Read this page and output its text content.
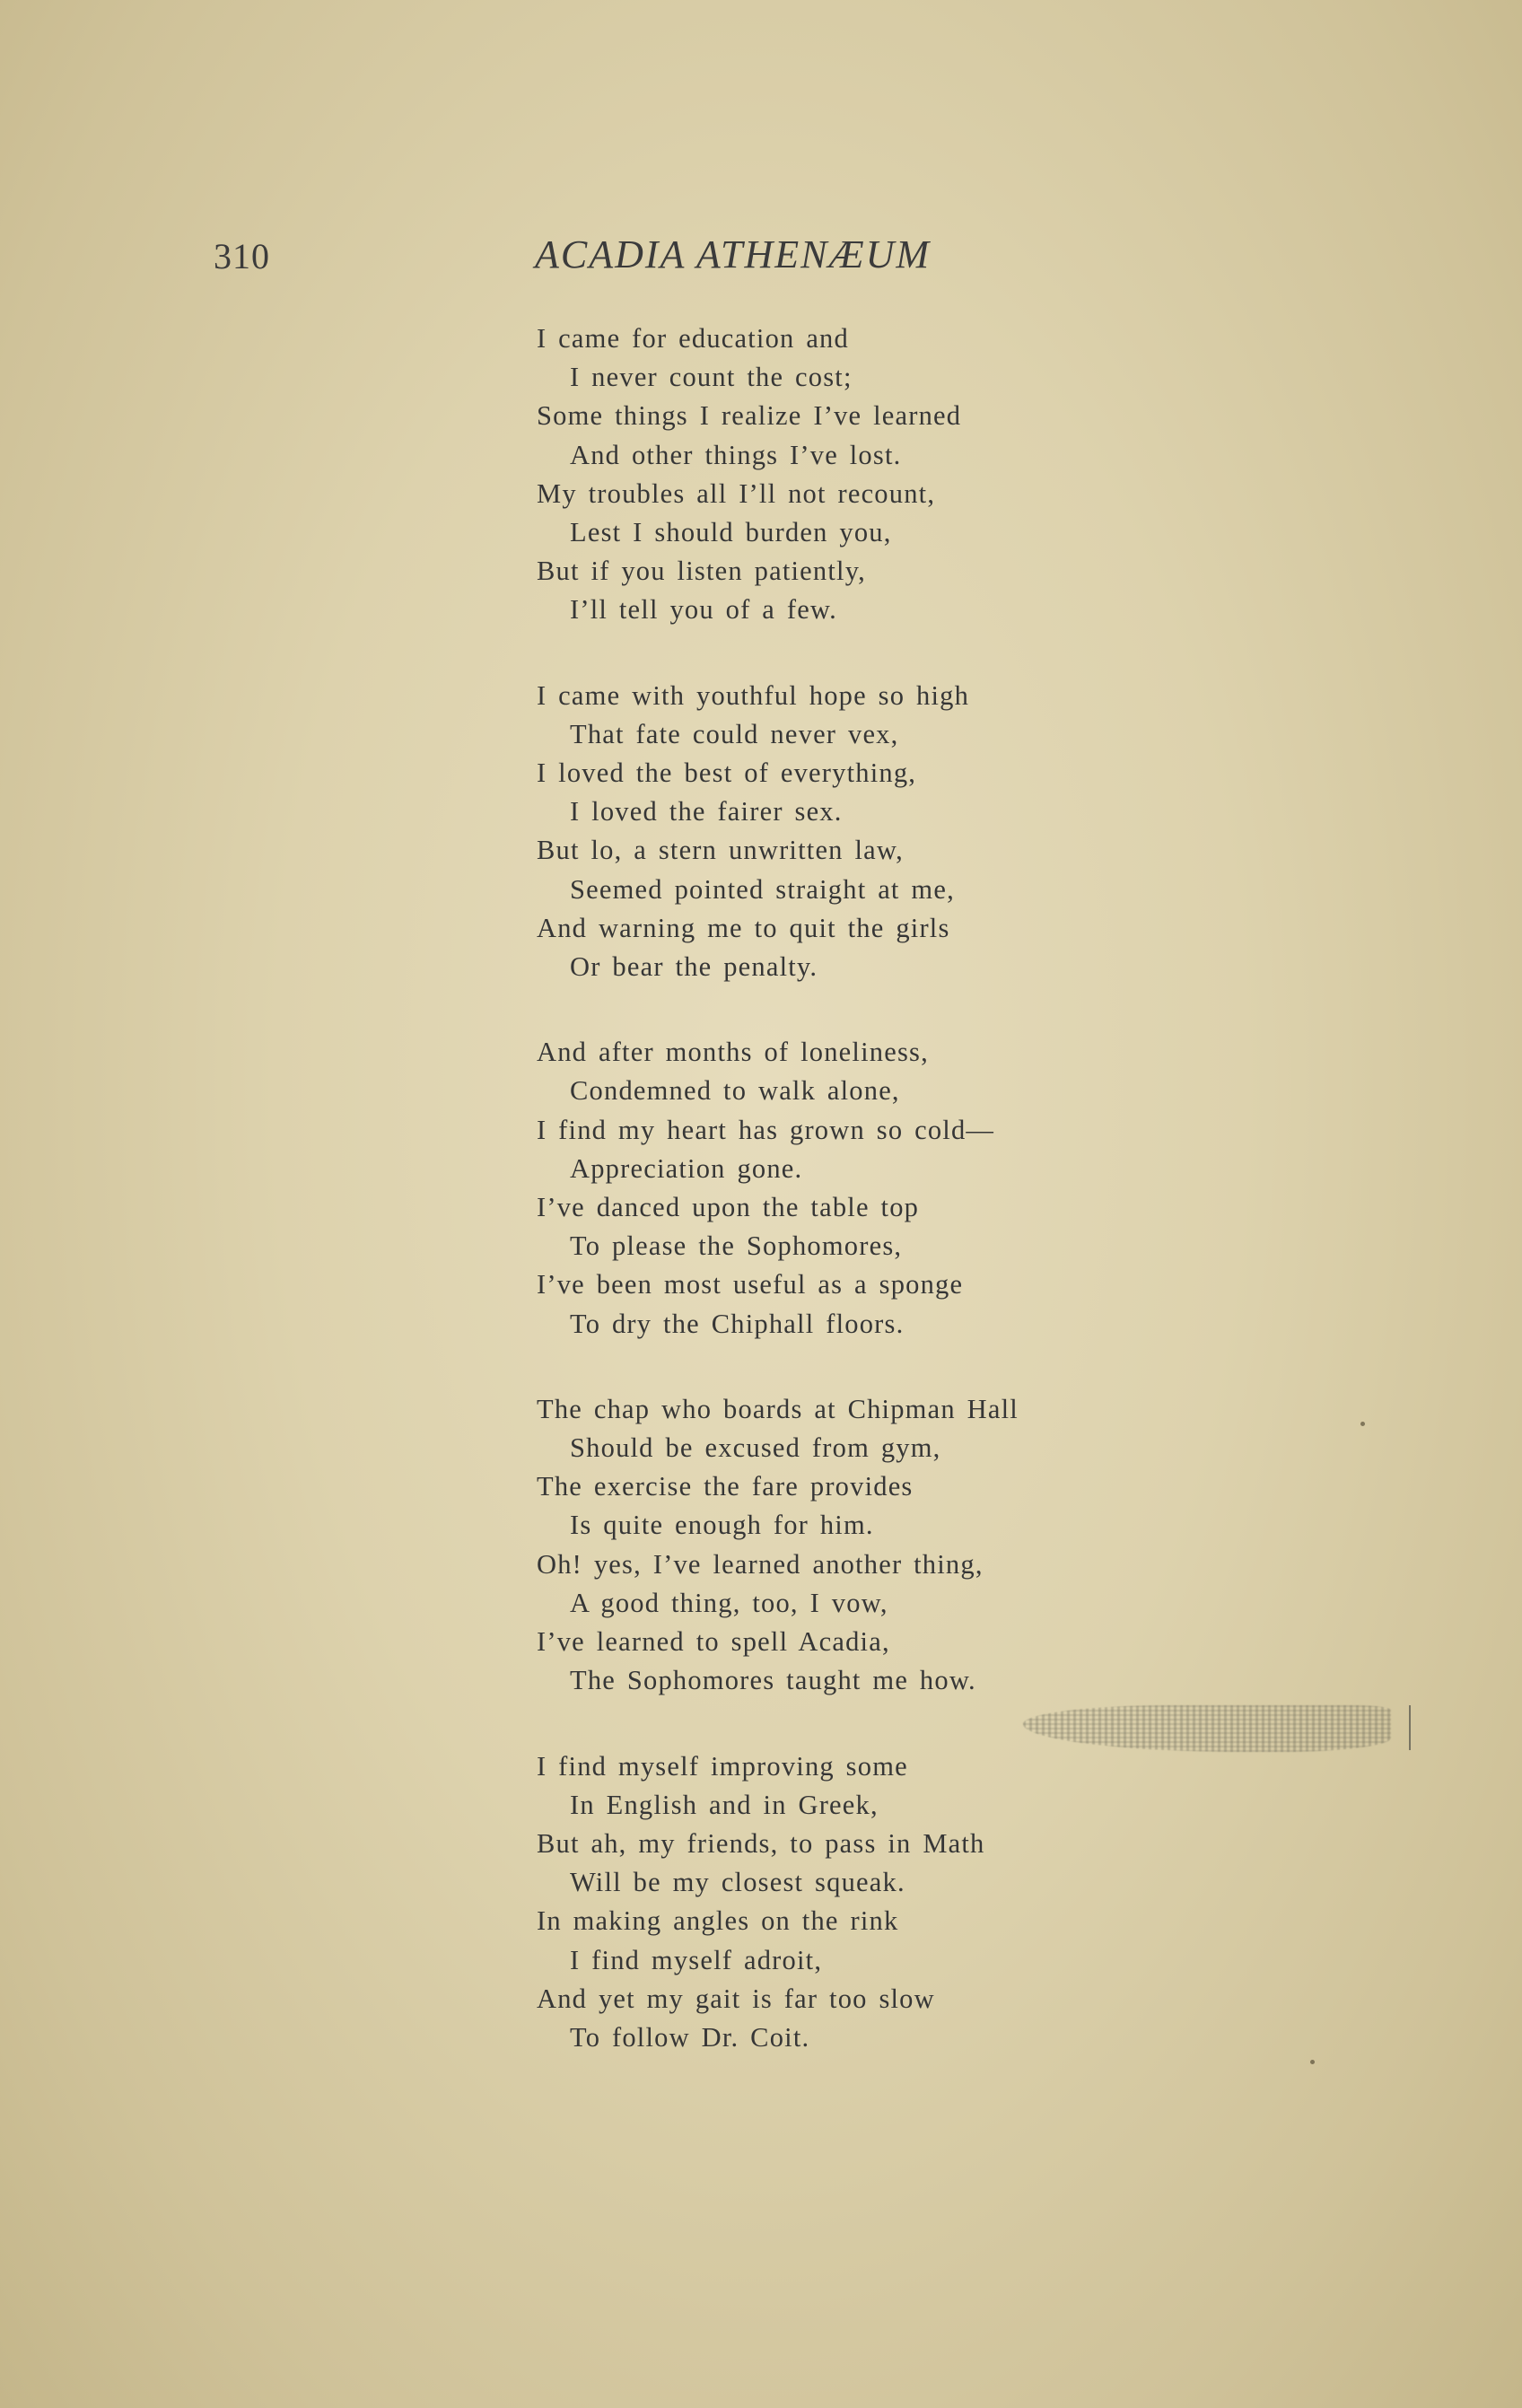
310	ACADIA ATHENÆUM
I came for education and
I never count the cost;
Some things I realize I’ve learned
And other things I’ve lost.
My troubles all I’ll not recount,
Lest I should burden you,
But if you listen patiently,
I’ll tell you of a few.
I came with youthful hope so high
That fate could never vex,
I loved the best of everything,
I loved the fairer sex.
But lo, a stern unwritten law,
Seemed pointed straight at me,
And warning me to quit the girls
Or bear the penalty.
And after months of loneliness,
Condemned to walk alone,
I find my heart has grown so cold—
Appreciation gone.
I’ve danced upon the table top
To please the Sophomores,
I’ve been most useful as a sponge
To dry the Chiphall floors.
The chap who boards at Chipman Hall
Should be excused from gym,
The exercise the fare provides
Is quite enough for him.
Oh! yes, I’ve learned another thing,
A good thing, too, I vow,
I’ve learned to spell Acadia,
The Sophomores taught me how.
I find myself improving some
In English and in Greek,
But ah, my friends, to pass in Math
Will be my closest squeak.
In making angles on the rink
I find myself adroit,
And yet my gait is far too slow
To follow Dr. Coit.
